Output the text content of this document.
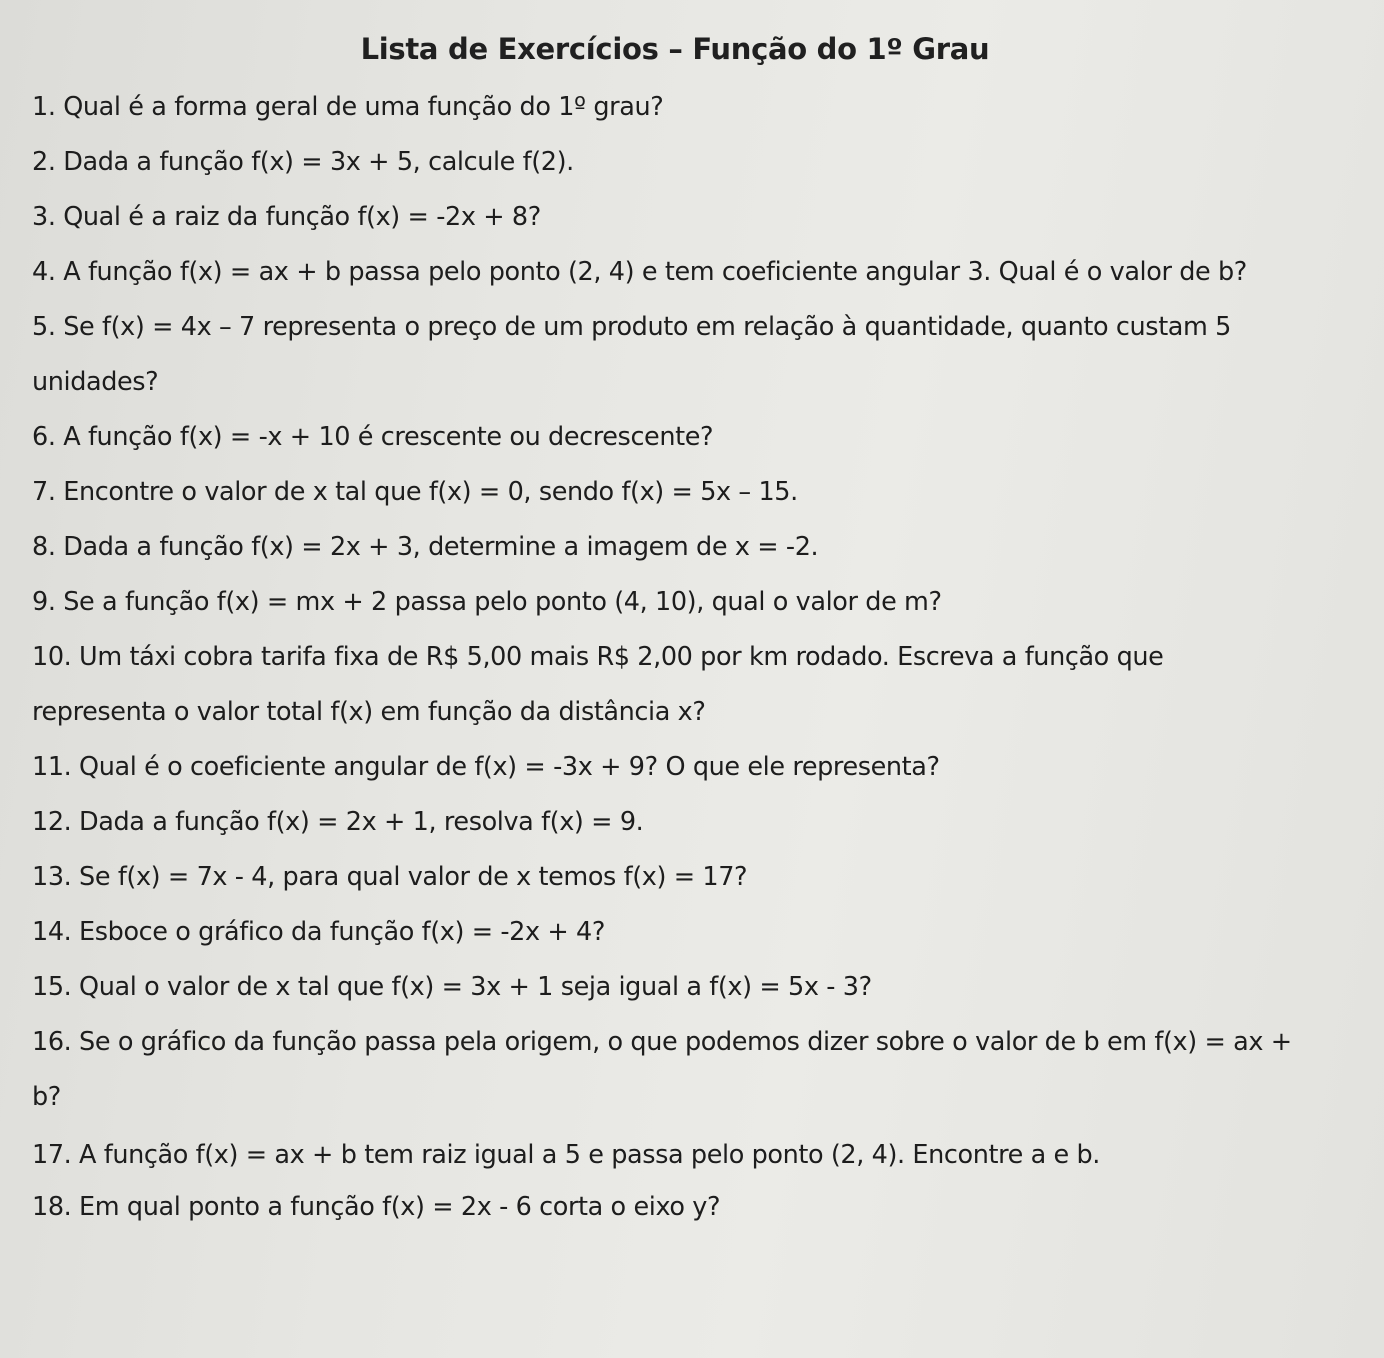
Lista de Exercícios – Função do 1º Grau
1. Qual é a forma geral de uma função do 1º grau?
2. Dada a função f(x) = 3x + 5, calcule f(2).
3. Qual é a raiz da função f(x) = -2x + 8?
4. A função f(x) = ax + b passa pelo ponto (2, 4) e tem coeficiente angular 3. Qual é o valor de b?
5. Se f(x) = 4x – 7 representa o preço de um produto em relação à quantidade, quanto custam 5
unidades?
6. A função f(x) = -x + 10 é crescente ou decrescente?
7. Encontre o valor de x tal que f(x) = 0, sendo f(x) = 5x – 15.
8. Dada a função f(x) = 2x + 3, determine a imagem de x = -2.
9. Se a função f(x) = mx + 2 passa pelo ponto (4, 10), qual o valor de m?
10. Um táxi cobra tarifa fixa de R$ 5,00 mais R$ 2,00 por km rodado. Escreva a função que
representa o valor total f(x) em função da distância x?
11. Qual é o coeficiente angular de f(x) = -3x + 9? O que ele representa?
12. Dada a função f(x) = 2x + 1, resolva f(x) = 9.
13. Se f(x) = 7x - 4, para qual valor de x temos f(x) = 17?
14. Esboce o gráfico da função f(x) = -2x + 4?
15. Qual o valor de x tal que f(x) = 3x + 1 seja igual a f(x) = 5x - 3?
16. Se o gráfico da função passa pela origem, o que podemos dizer sobre o valor de b em f(x) = ax +
b?
17. A função f(x) = ax + b tem raiz igual a 5 e passa pelo ponto (2, 4). Encontre a e b.
18. Em qual ponto a função f(x) = 2x - 6 corta o eixo y?
